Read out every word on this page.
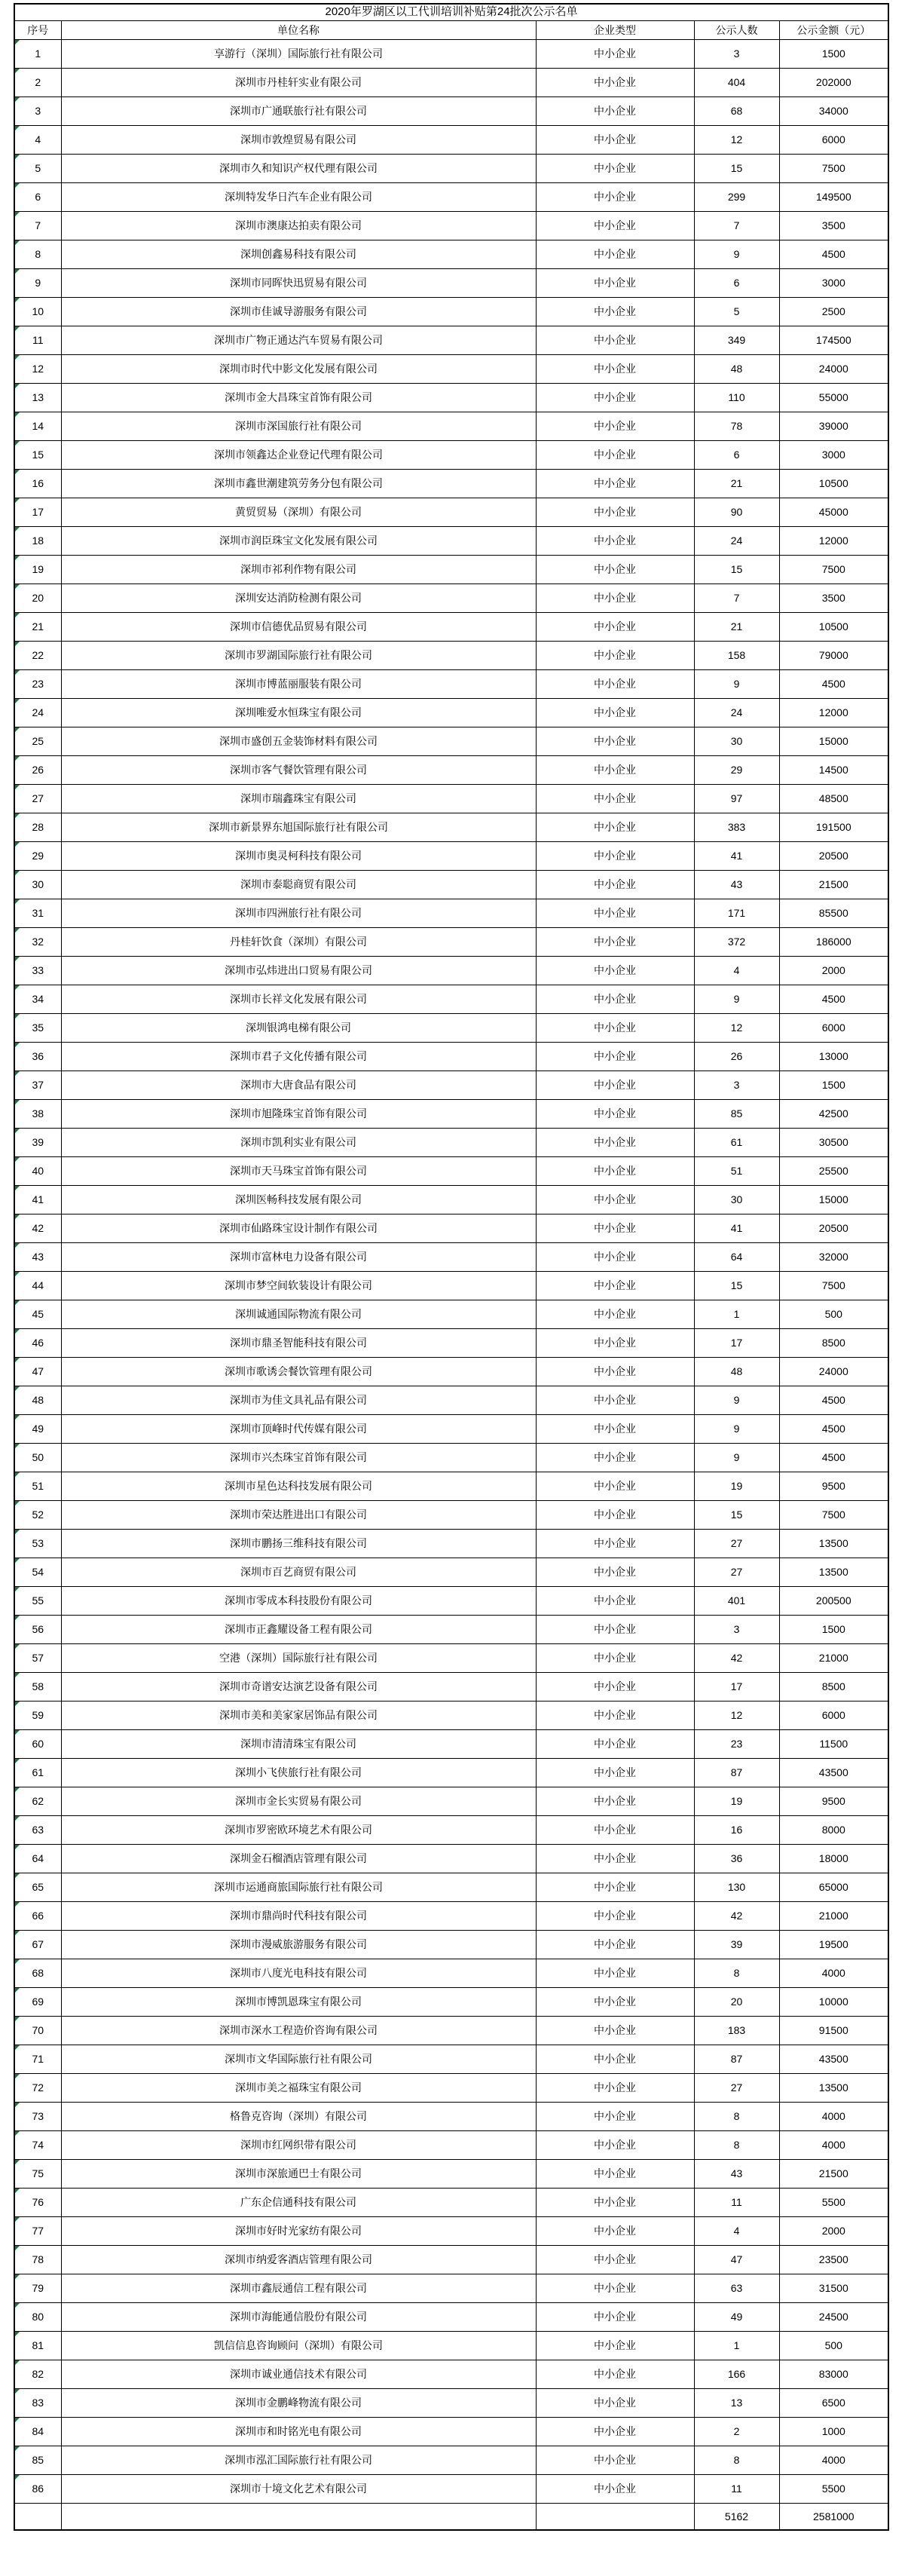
2020年罗湖区以工代训培训补贴第24批次公示名单				
序号	单位名称	企业类型	公示人数	公示金额（元）

1	享游行（深圳）国际旅行社有限公司	中小企业	3	1500

2	深圳市丹桂轩实业有限公司	中小企业	404	202000

3	深圳市广通联旅行社有限公司	中小企业	68	34000

4	深圳市敦煌贸易有限公司	中小企业	12	6000

5	深圳市久和知识产权代理有限公司	中小企业	15	7500

6	深圳特发华日汽车企业有限公司	中小企业	299	149500

7	深圳市澳康达拍卖有限公司	中小企业	7	3500

8	深圳创鑫易科技有限公司	中小企业	9	4500

9	深圳市同晖快迅贸易有限公司	中小企业	6	3000

10	深圳市佳诚导游服务有限公司	中小企业	5	2500

11	深圳市广物正通达汽车贸易有限公司	中小企业	349	174500

12	深圳市时代中影文化发展有限公司	中小企业	48	24000

13	深圳市金大昌珠宝首饰有限公司	中小企业	110	55000

14	深圳市深国旅行社有限公司	中小企业	78	39000

15	深圳市领鑫达企业登记代理有限公司	中小企业	6	3000

16	深圳市鑫世潮建筑劳务分包有限公司	中小企业	21	10500

17	黄贸贸易（深圳）有限公司	中小企业	90	45000

18	深圳市润臣珠宝文化发展有限公司	中小企业	24	12000

19	深圳市祁利作物有限公司	中小企业	15	7500

20	深圳安达消防检测有限公司	中小企业	7	3500

21	深圳市信德优品贸易有限公司	中小企业	21	10500

22	深圳市罗湖国际旅行社有限公司	中小企业	158	79000

23	深圳市博蓝丽服装有限公司	中小企业	9	4500

24	深圳唯爱水恒珠宝有限公司	中小企业	24	12000

25	深圳市盛创五金装饰材料有限公司	中小企业	30	15000

26	深圳市客气餐饮管理有限公司	中小企业	29	14500

27	深圳市瑞鑫珠宝有限公司	中小企业	97	48500

28	深圳市新景界东旭国际旅行社有限公司	中小企业	383	191500

29	深圳市奥灵柯科技有限公司	中小企业	41	20500

30	深圳市泰聪商贸有限公司	中小企业	43	21500

31	深圳市四洲旅行社有限公司	中小企业	171	85500

32	丹桂轩饮食（深圳）有限公司	中小企业	372	186000

33	深圳市弘炜进出口贸易有限公司	中小企业	4	2000

34	深圳市长祥文化发展有限公司	中小企业	9	4500

35	深圳银鸿电梯有限公司	中小企业	12	6000

36	深圳市君子文化传播有限公司	中小企业	26	13000

37	深圳市大唐食品有限公司	中小企业	3	1500

38	深圳市旭隆珠宝首饰有限公司	中小企业	85	42500

39	深圳市凯利实业有限公司	中小企业	61	30500

40	深圳市天马珠宝首饰有限公司	中小企业	51	25500

41	深圳医畅科技发展有限公司	中小企业	30	15000

42	深圳市仙路珠宝设计制作有限公司	中小企业	41	20500

43	深圳市富林电力设备有限公司	中小企业	64	32000

44	深圳市梦空间软装设计有限公司	中小企业	15	7500

45	深圳诚通国际物流有限公司	中小企业	1	500

46	深圳市鼎圣智能科技有限公司	中小企业	17	8500

47	深圳市歌诱会餐饮管理有限公司	中小企业	48	24000

48	深圳市为佳文具礼品有限公司	中小企业	9	4500

49	深圳市顶峰时代传媒有限公司	中小企业	9	4500

50	深圳市兴杰珠宝首饰有限公司	中小企业	9	4500

51	深圳市星色达科技发展有限公司	中小企业	19	9500

52	深圳市荣达胜进出口有限公司	中小企业	15	7500

53	深圳市鹏扬三维科技有限公司	中小企业	27	13500

54	深圳市百艺商贸有限公司	中小企业	27	13500

55	深圳市零成本科技股份有限公司	中小企业	401	200500

56	深圳市正鑫耀设备工程有限公司	中小企业	3	1500

57	空港（深圳）国际旅行社有限公司	中小企业	42	21000

58	深圳市奇谱安达演艺设备有限公司	中小企业	17	8500

59	深圳市美和美家家居饰品有限公司	中小企业	12	6000

60	深圳市清清珠宝有限公司	中小企业	23	11500

61	深圳小飞侠旅行社有限公司	中小企业	87	43500

62	深圳市金长实贸易有限公司	中小企业	19	9500

63	深圳市罗密欧环境艺术有限公司	中小企业	16	8000

64	深圳金石榴酒店管理有限公司	中小企业	36	18000

65	深圳市运通商旅国际旅行社有限公司	中小企业	130	65000

66	深圳市鼎尚时代科技有限公司	中小企业	42	21000

67	深圳市漫威旅游服务有限公司	中小企业	39	19500

68	深圳市八度光电科技有限公司	中小企业	8	4000

69	深圳市博凯恩珠宝有限公司	中小企业	20	10000

70	深圳市深水工程造价咨询有限公司	中小企业	183	91500

71	深圳市文华国际旅行社有限公司	中小企业	87	43500

72	深圳市美之福珠宝有限公司	中小企业	27	13500

73	格鲁克咨询（深圳）有限公司	中小企业	8	4000

74	深圳市红网织带有限公司	中小企业	8	4000

75	深圳市深旅通巴士有限公司	中小企业	43	21500

76	广东企信通科技有限公司	中小企业	11	5500

77	深圳市好时光家纺有限公司	中小企业	4	2000

78	深圳市纳爱客酒店管理有限公司	中小企业	47	23500

79	深圳市鑫辰通信工程有限公司	中小企业	63	31500

80	深圳市海能通信股份有限公司	中小企业	49	24500

81	凯信信息咨询顾问（深圳）有限公司	中小企业	1	500

82	深圳市诚业通信技术有限公司	中小企业	166	83000

83	深圳市金鹏峰物流有限公司	中小企业	13	6500

84	深圳市和时铭光电有限公司	中小企业	2	1000

85	深圳市泓汇国际旅行社有限公司	中小企业	8	4000

86	深圳市十境文化艺术有限公司	中小企业	11	5500
			5162	2581000
